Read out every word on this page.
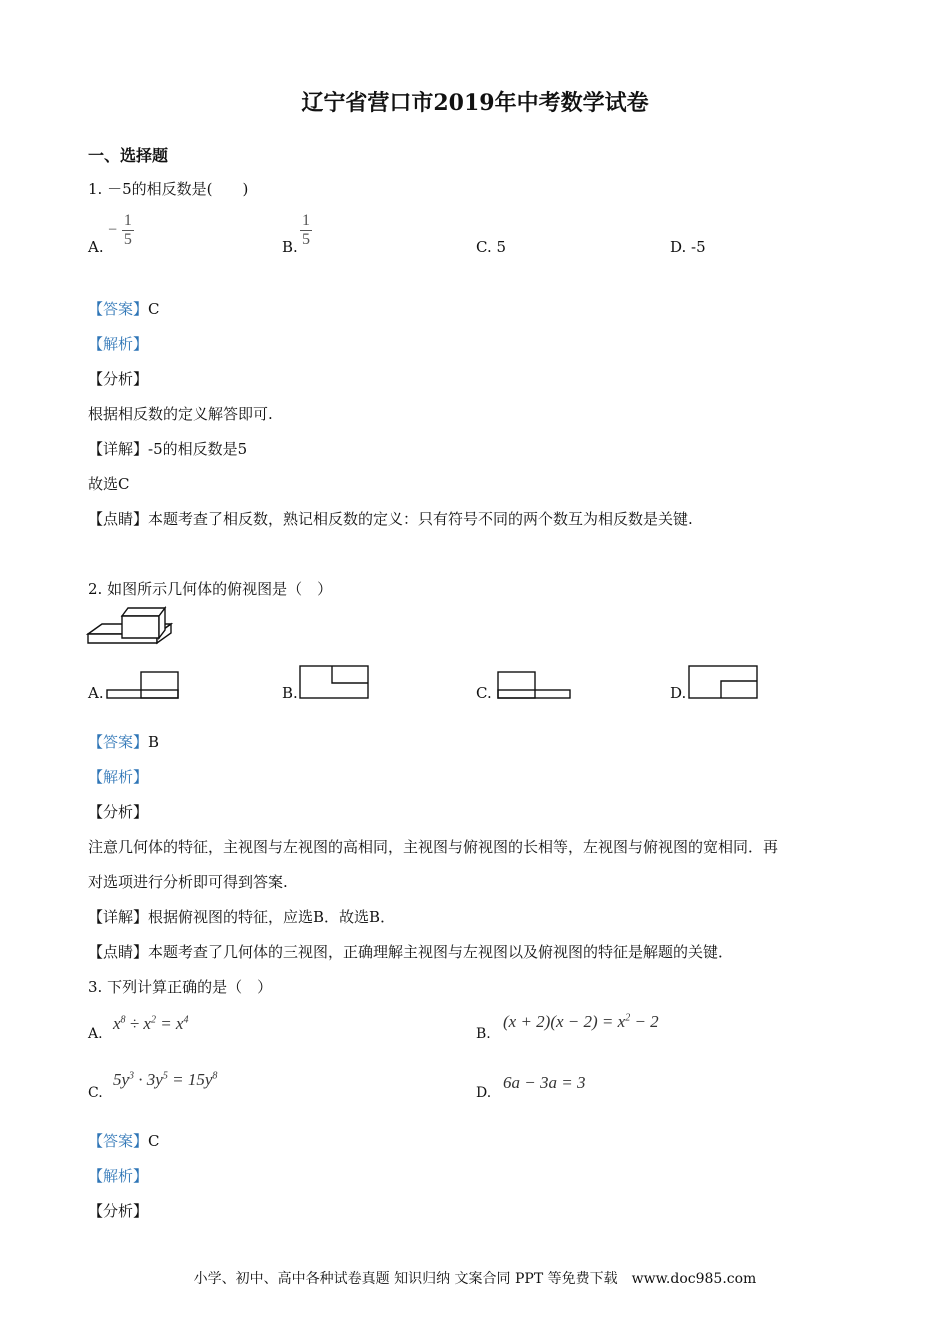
辽宁省营口市2019年中考数学试卷
一、选择题
1. －5的相反数是(　　)
A.
− $\frac{1}{5}$	B. $\frac{1}{5}$	C. 5	D. -5
【答案】C
【解析】
【分析】
根据相反数的定义解答即可.
【详解】-5的相反数是5
故选C
【点睛】本题考查了相反数，熟记相反数的定义：只有符号不同的两个数互为相反数是关键.
2. 如图所示几何体的俯视图是（　）
A.	B.	C.	D.
【答案】B
【解析】
【分析】
注意几何体的特征，主视图与左视图的高相同，主视图与俯视图的长相等，左视图与俯视图的宽相同．再
对选项进行分析即可得到答案.
【详解】根据俯视图的特征，应选B．故选B．
【点睛】本题考查了几何体的三视图，正确理解主视图与左视图以及俯视图的特征是解题的关键．
3. 下列计算正确的是（　）
A.
$x^8 \div x^2 = x^4$
B.
$(x + 2)(x - 2) = x^2 - 2$
C.
$5y^3 \cdot 3y^5 = 15y^8$
D.
6a − 3a = 3
【答案】C
【解析】
【分析】
小学、初中、高中各种试卷真题 知识归纳 文案合同 PPT 等免费下载　www.doc985.com
